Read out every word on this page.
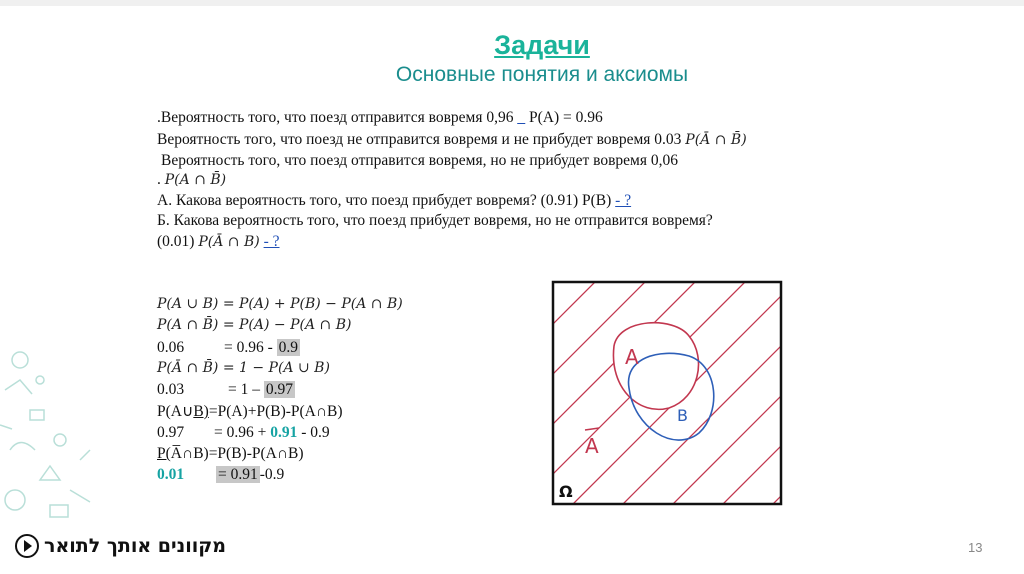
Задачи
Основные понятия и аксиомы
.Вероятность того, что поезд отправится вовремя 0,96 _ P(A) = 0.96
Вероятность того, что поезд не отправится вовремя и не прибудет вовремя 0.03 P(Ā ∩ B̄)
Вероятность того, что поезд отправится вовремя, но не прибудет вовремя 0,06
. P(A ∩ B̄)
A. Какова вероятность того, что поезд прибудет вовремя? (0.91) P(B) - ?
Б. Какова вероятность того, что поезд прибудет вовремя, но не отправится вовремя?
(0.01) P(Ā ∩ B) - ?
P(A ∪ B) = P(A) + P(B) − P(A ∩ B)
P(A ∩ B̄) = P(A) − P(A ∩ B)
0.06	= 0.96 - 0.9
P(Ā ∩ B̄) = 1 − P(A ∪ B)
0.03	= 1 – 0.97
P(A∪B)=P(A)+P(B)-P(A∩B)
0.97 = 0.96 + 0.91 - 0.9
P(A̅∩B)=P(B)-P(A∩B)
0.01 = 0.91 -0.9
A
B
A
Ω
מקוונים אותך לתואר	13
